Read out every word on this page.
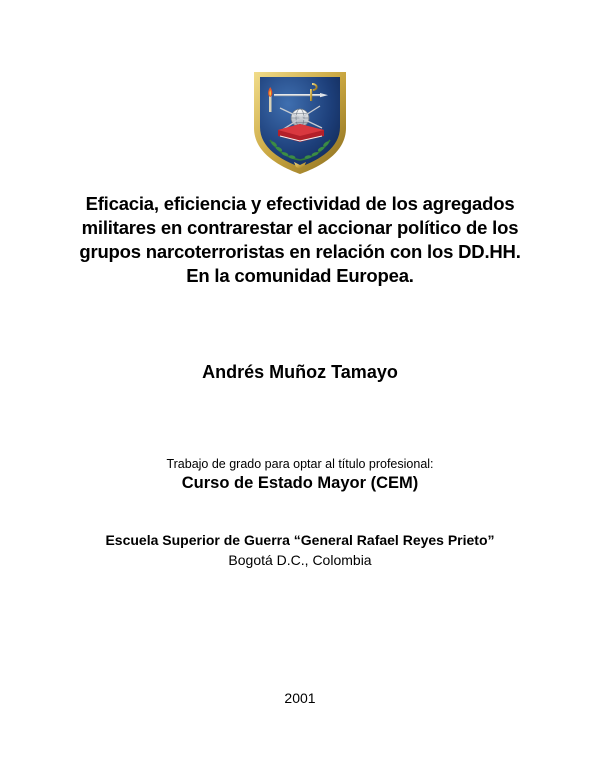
Eficacia, eficiencia y efectividad de los agregados
militares en contrarestar el accionar político de los
grupos narcoterroristas en relación con los DD.HH.
En la comunidad Europea.
Andrés Muñoz Tamayo
Trabajo de grado para optar al título profesional:
Curso de Estado Mayor (CEM)
Escuela Superior de Guerra “General Rafael Reyes Prieto”
Bogotá D.C., Colombia
2001
